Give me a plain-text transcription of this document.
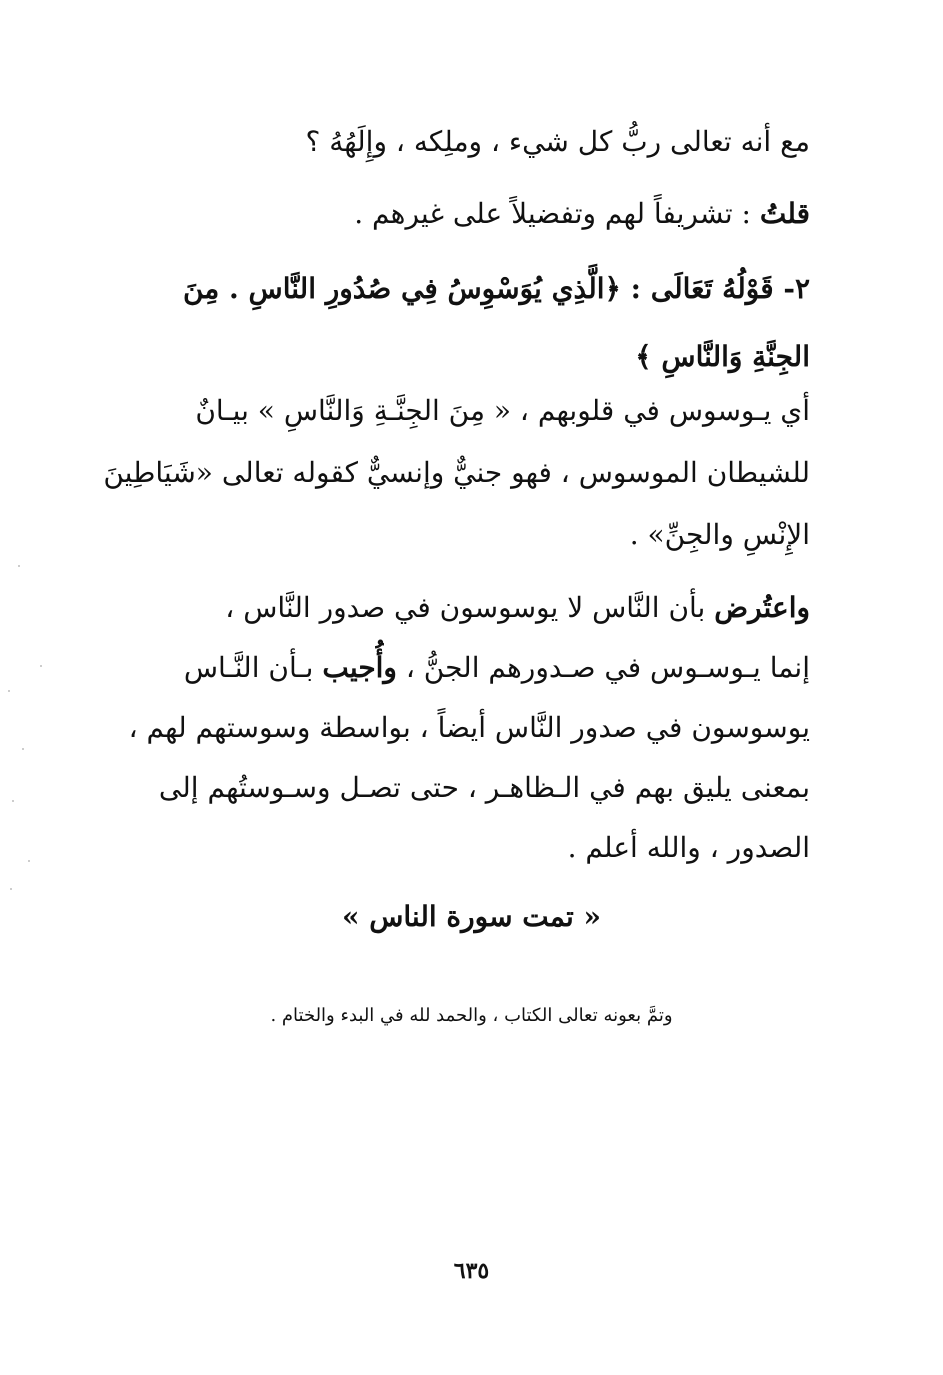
مع أنه تعالى ربُّ كل شيء ، وملِكه ، وإِلَهُهُ ؟
قلتُ : تشريفاً لهم وتفضيلاً على غيرهم .
٢- قَوْلُهُ تَعَالَى : ﴿الَّذِي يُوَسْوِسُ فِي صُدُورِ النَّاسِ . مِنَ
الجِنَّةِ وَالنَّاسِ ﴾
أي يـوسوس في قلوبهم ، « مِنَ الجِنَّـةِ وَالنَّاسِ » بيـانٌ
للشيطان الموسوس ، فهو جنيٌّ وإنسيٌّ كقوله تعالى «شَيَاطِينَ
الإِنْسِ والجِنِّ» .
واعتُرض بأن النَّاس لا يوسوسون في صدور النَّاس ،
إنما يـوسـوس في صـدورهم الجنُّ ، وأُجيب بـأن النَّـاس
يوسوسون في صدور النَّاس أيضاً ، بواسطة وسوستهم لهم ،
بمعنى يليق بهم في الـظاهـر ، حتى تصـل وسـوستُهم إلى
الصدور ، والله أعلم .
« تمت سورة الناس »
وتمَّ بعونه تعالى الكتاب ، والحمد لله في البدء والختام .
٦٣٥
